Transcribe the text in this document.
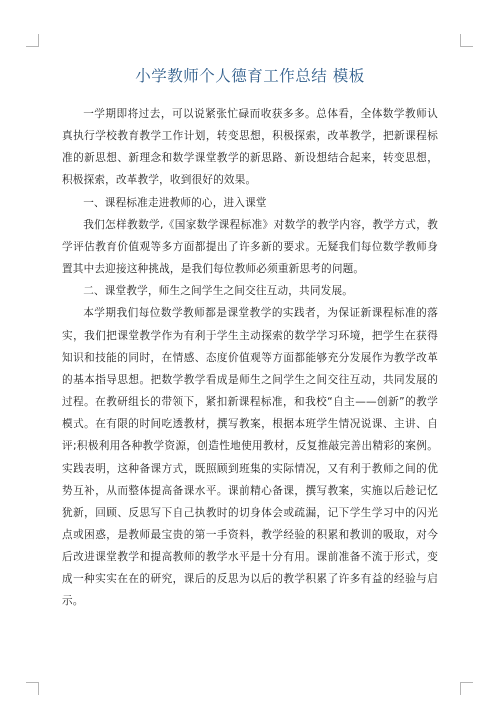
小学教师个人德育工作总结 模板

一学期即将过去，可以说紧张忙碌而收获多多。总体看，全体数学教师认真执行学校教育教学工作计划，转变思想，积极探索，改革教学，把新课程标准的新思想、新理念和数学课堂教学的新思路、新设想结合起来，转变思想，积极探索，改革教学，收到很好的效果。

一、课程标准走进教师的心，进入课堂

我们怎样教数学,《国家数学课程标准》对数学的教学内容，教学方式，教学评估教育价值观等多方面都提出了许多新的要求。无疑我们每位数学教师身置其中去迎接这种挑战，是我们每位教师必须重新思考的问题。

二、课堂教学，师生之间学生之间交往互动，共同发展。

本学期我们每位数学教师都是课堂教学的实践者，为保证新课程标准的落实，我们把课堂教学作为有利于学生主动探索的数学学习环境，把学生在获得知识和技能的同时，在情感、态度价值观等方面都能够充分发展作为教学改革的基本指导思想。把数学教学看成是师生之间学生之间交往互动，共同发展的过程。在教研组长的带领下，紧扣新课程标准，和我校“自主——创新”的教学模式。在有限的时间吃透教材，撰写教案，根据本班学生情况说课、主讲、自评;积极利用各种教学资源，创造性地使用教材，反复推敲完善出精彩的案例。实践表明，这种备课方式，既照顾到班集的实际情况，又有利于教师之间的优势互补，从而整体提高备课水平。课前精心备课，撰写教案，实施以后趁记忆犹新，回顾、反思写下自己执教时的切身体会或疏漏，记下学生学习中的闪光点或困惑，是教师最宝贵的第一手资料，教学经验的积累和教训的吸取，对今后改进课堂教学和提高教师的教学水平是十分有用。课前准备不流于形式，变成一种实实在在的研究，课后的反思为以后的教学积累了许多有益的经验与启示。
